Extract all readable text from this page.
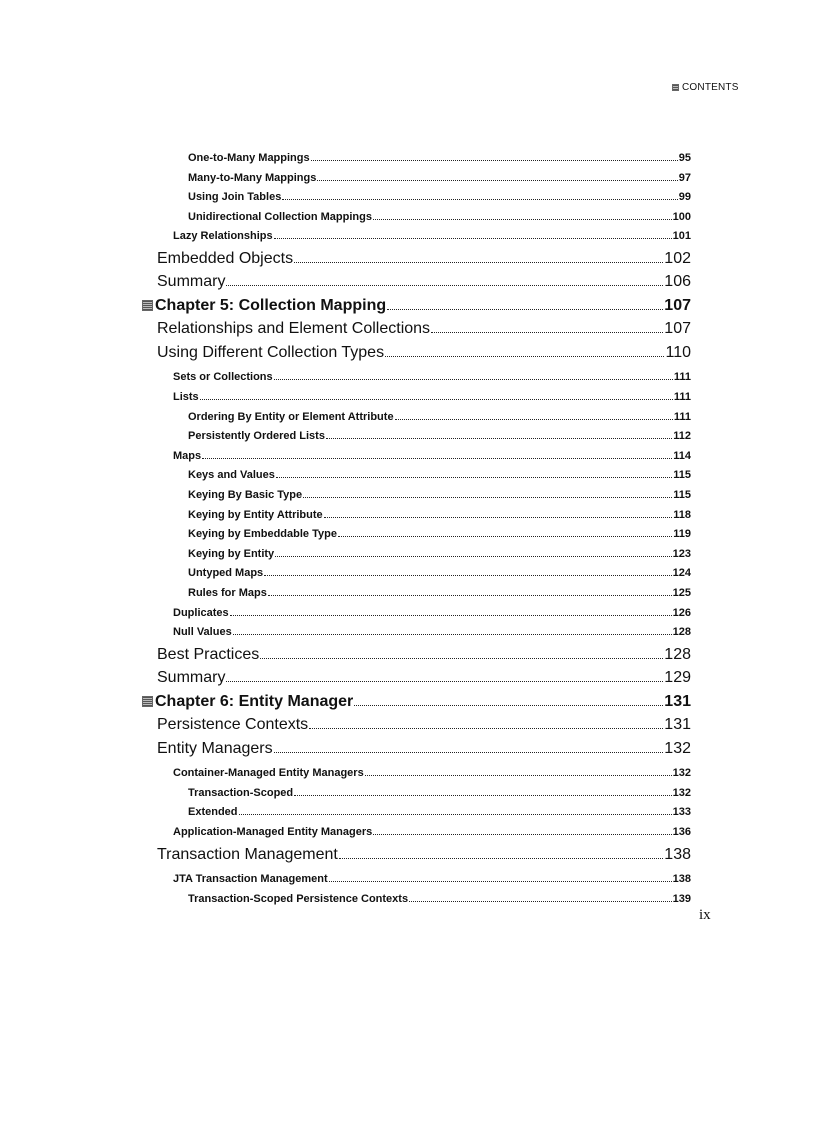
CONTENTS
One-to-Many Mappings	95
Many-to-Many Mappings	97
Using Join Tables	99
Unidirectional Collection Mappings	100
Lazy Relationships	101
Embedded Objects	102
Summary	106
Chapter 5: Collection Mapping	107
Relationships and Element Collections	107
Using Different Collection Types	110
Sets or Collections	111
Lists	111
Ordering By Entity or Element Attribute	111
Persistently Ordered Lists	112
Maps	114
Keys and Values	115
Keying By Basic Type	115
Keying by Entity Attribute	118
Keying by Embeddable Type	119
Keying by Entity	123
Untyped Maps	124
Rules for Maps	125
Duplicates	126
Null Values	128
Best Practices	128
Summary	129
Chapter 6: Entity Manager	131
Persistence Contexts	131
Entity Managers	132
Container-Managed Entity Managers	132
Transaction-Scoped	132
Extended	133
Application-Managed Entity Managers	136
Transaction Management	138
JTA Transaction Management	138
Transaction-Scoped Persistence Contexts	139
ix
